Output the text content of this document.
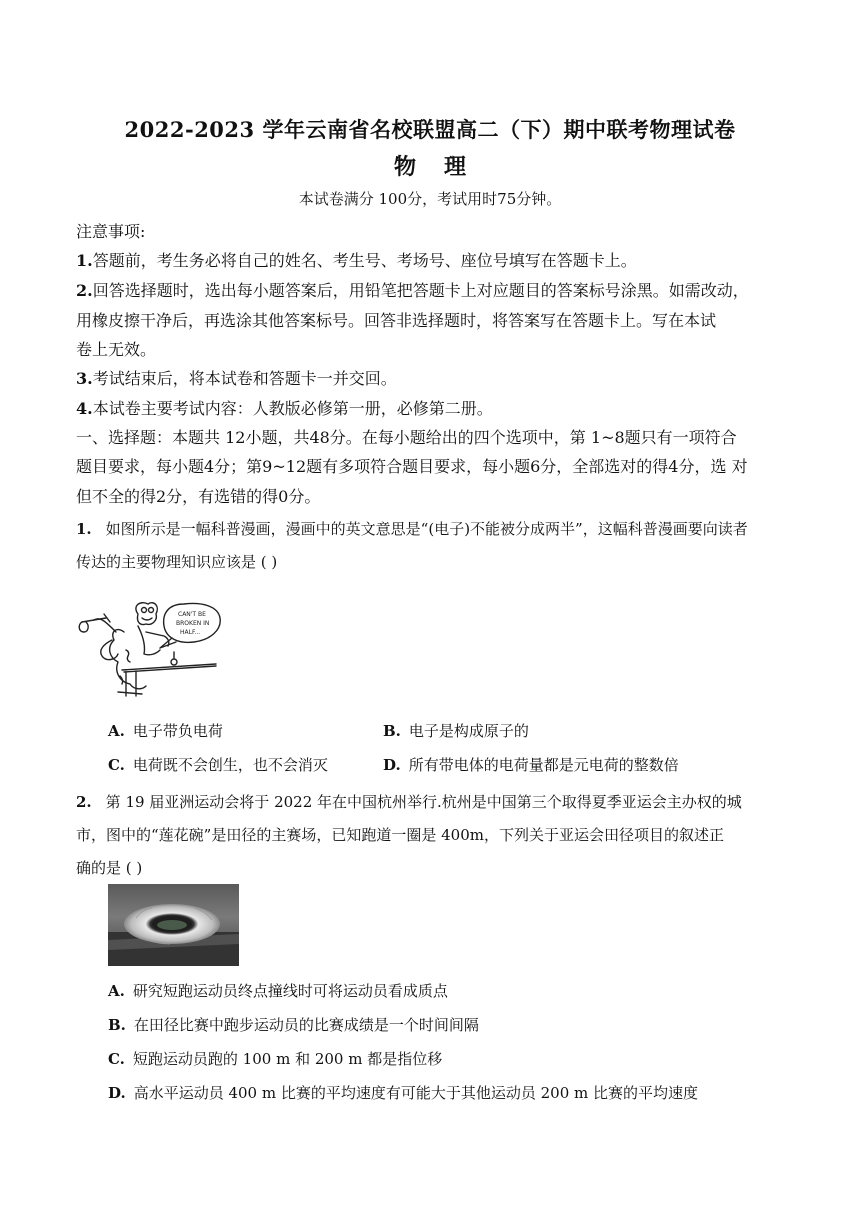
2022-2023 学年云南省名校联盟高二（下）期中联考物理试卷
物理
本试卷满分 100分，考试用时75分钟。
注意事项:
1.答题前，考生务必将自己的姓名、考生号、考场号、座位号填写在答题卡上。
2.回答选择题时，选出每小题答案后，用铅笔把答题卡上对应题目的答案标号涂黑。如需改动，
用橡皮擦干净后，再选涂其他答案标号。回答非选择题时，将答案写在答题卡上。写在本试
卷上无效。
3.考试结束后，将本试卷和答题卡一并交回。
4.本试卷主要考试内容：人教版必修第一册，必修第二册。
一、选择题：本题共 12小题，共48分。在每小题给出的四个选项中，第 1~8题只有一项符合
题目要求，每小题4分；第9~12题有多项符合题目要求，每小题6分，全部选对的得4分，选 对
但不全的得2分，有选错的得0分。
1. 如图所示是一幅科普漫画，漫画中的英文意思是“(电子)不能被分成两半”，这幅科普漫画要向读者
传达的主要物理知识应该是 ( )
CAN'T BE
BROKEN IN
HALF...
A. 电子带负电荷	B. 电子是构成原子的
C. 电荷既不会创生，也不会消灭	D. 所有带电体的电荷量都是元电荷的整数倍
2. 第 19 届亚洲运动会将于 2022 年在中国杭州举行.杭州是中国第三个取得夏季亚运会主办权的城
市，图中的“莲花碗”是田径的主赛场，已知跑道一圈是 400m，下列关于亚运会田径项目的叙述正
确的是 ( )
A. 研究短跑运动员终点撞线时可将运动员看成质点
B. 在田径比赛中跑步运动员的比赛成绩是一个时间间隔
C. 短跑运动员跑的 100 m 和 200 m 都是指位移
D. 高水平运动员 400 m 比赛的平均速度有可能大于其他运动员 200 m 比赛的平均速度
